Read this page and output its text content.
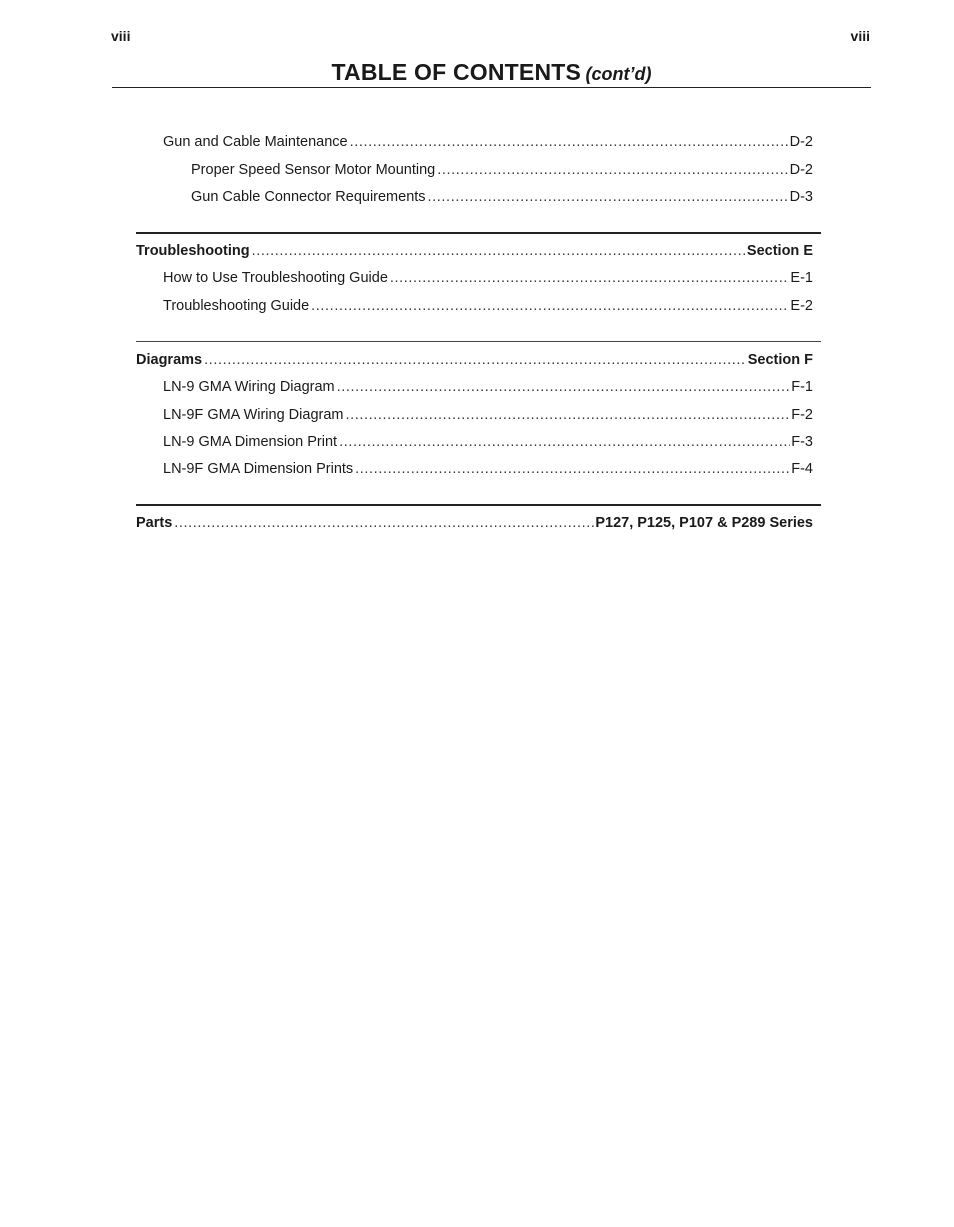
viii	viii
TABLE OF CONTENTS (cont’d)
Gun and Cable Maintenance .....	D-2
Proper Speed Sensor Motor Mounting .....	D-2
Gun Cable Connector Requirements .....	D-3
Troubleshooting .....	Section E
How to Use Troubleshooting Guide .....	E-1
Troubleshooting Guide .....	E-2
Diagrams .....	Section F
LN-9 GMA Wiring Diagram .....	F-1
LN-9F GMA Wiring Diagram .....	F-2
LN-9 GMA Dimension Print .....	F-3
LN-9F GMA Dimension Prints .....	F-4
Parts .....	P127, P125, P107 & P289 Series
